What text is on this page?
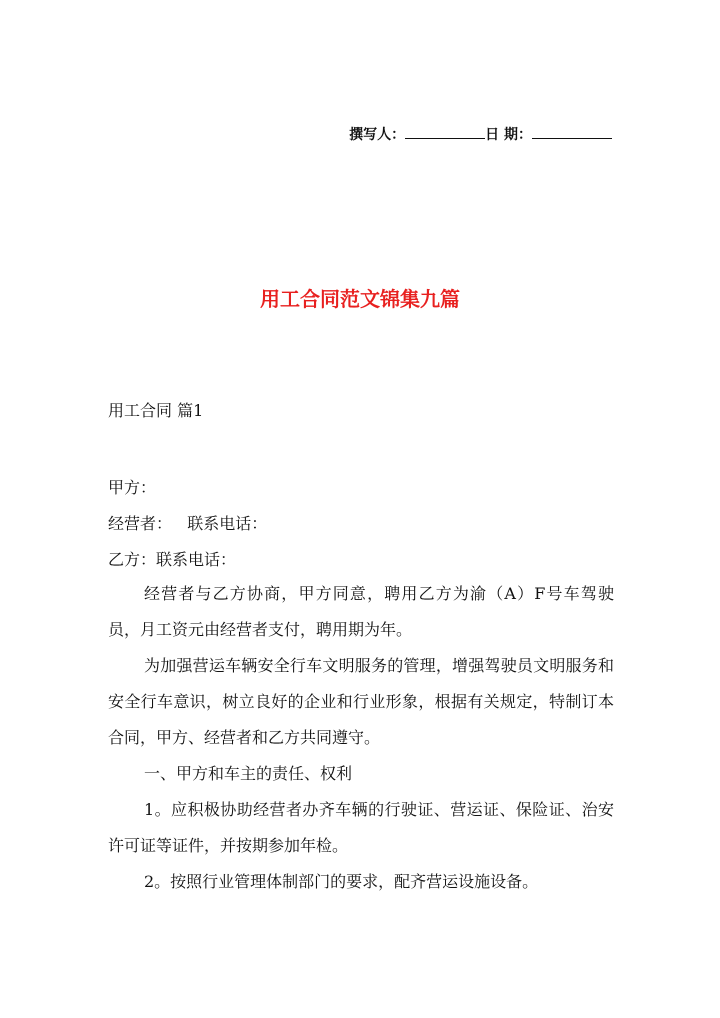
撰写人：	日 期：
用工合同范文锦集九篇
用工合同 篇1
甲方：
经营者：   联系电话：
乙方：联系电话：
经营者与乙方协商，甲方同意，聘用乙方为渝（A）F号车驾驶员，月工资元由经营者支付，聘用期为年。
为加强营运车辆安全行车文明服务的管理，增强驾驶员文明服务和安全行车意识，树立良好的企业和行业形象，根据有关规定，特制订本合同，甲方、经营者和乙方共同遵守。
一、甲方和车主的责任、权利
1。应积极协助经营者办齐车辆的行驶证、营运证、保险证、治安许可证等证件，并按期参加年检。
2。按照行业管理体制部门的要求，配齐营运设施设备。
